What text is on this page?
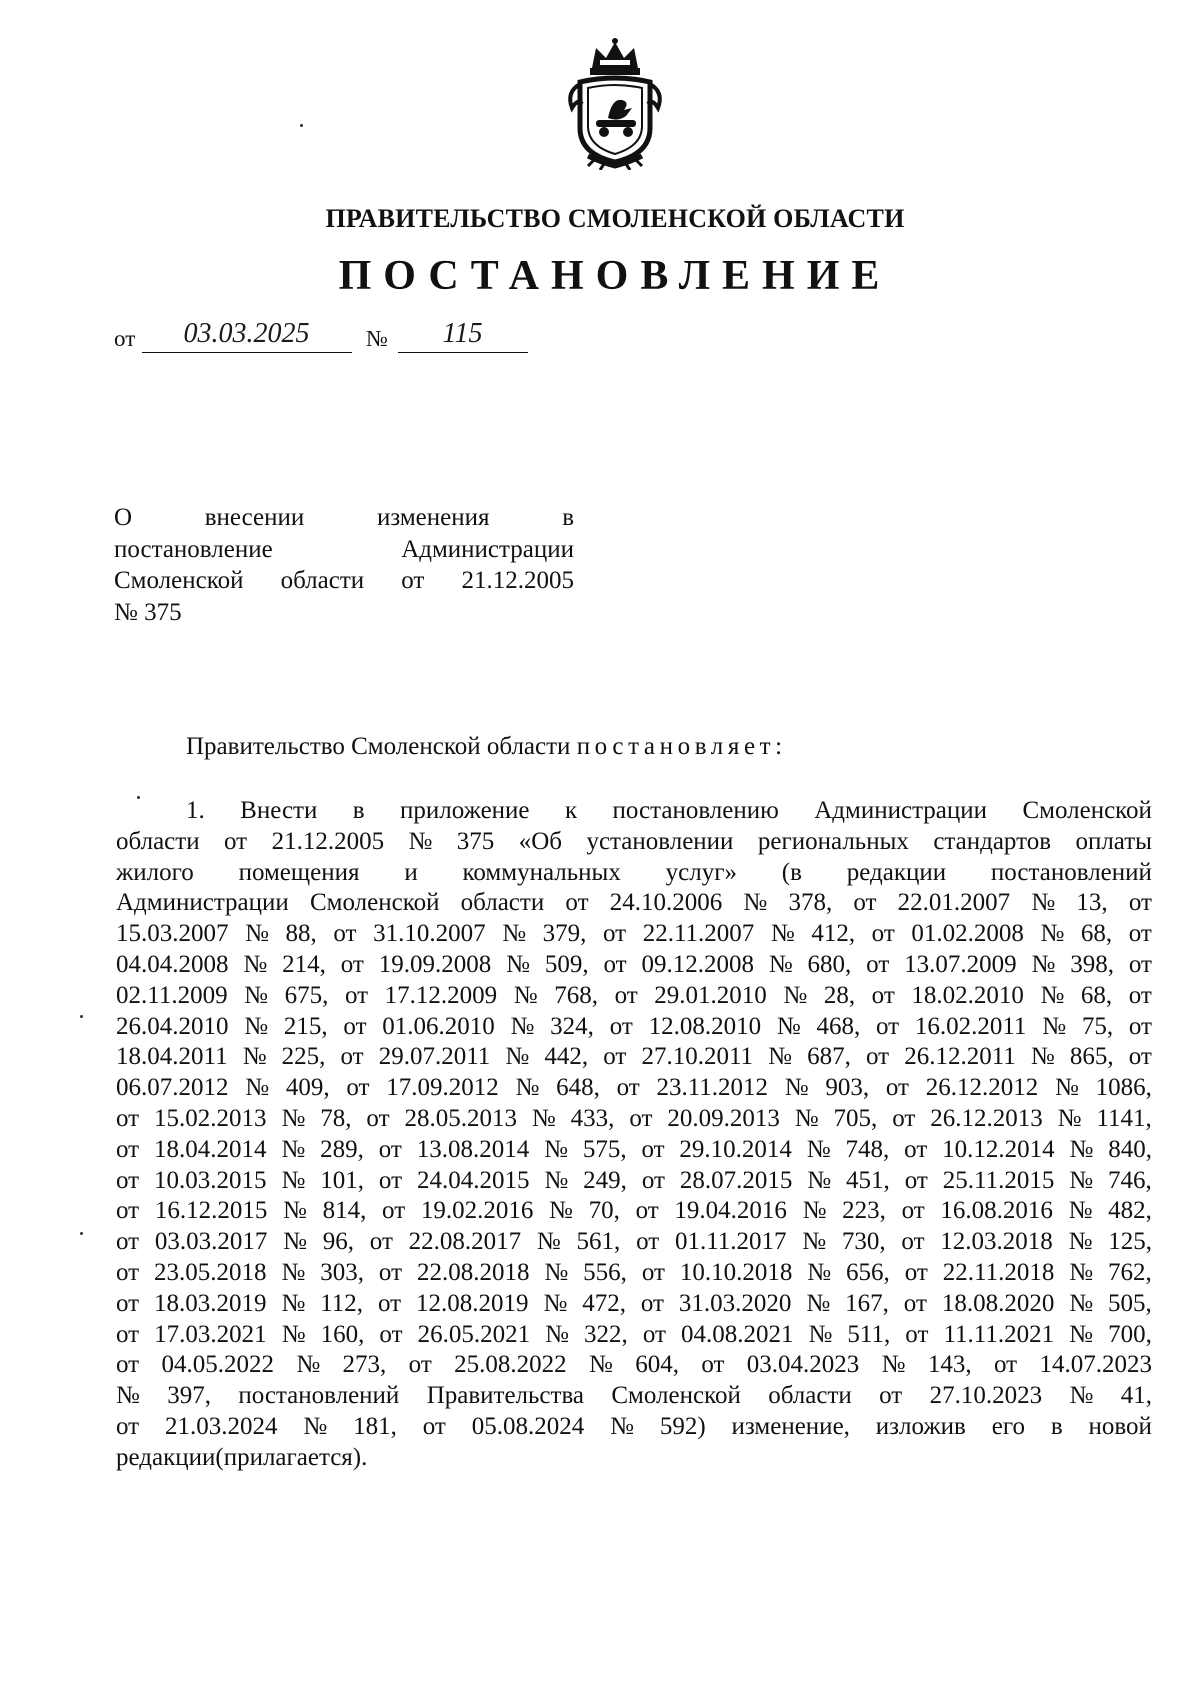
ПРАВИТЕЛЬСТВО СМОЛЕНСКОЙ ОБЛАСТИ
ПОСТАНОВЛЕНИЕ
от	03.03.2025	№	115
О	внесении	изменения	в
постановление	Администрации
Смоленской области от 21.12.2005
№ 375
Правительство Смоленской области постановляет:
1. Внести в приложение к постановлению Администрации Смоленской
области от 21.12.2005 № 375 «Об установлении региональных стандартов оплаты
жилого помещения и коммунальных услуг» (в редакции постановлений
Администрации Смоленской области от 24.10.2006 № 378, от 22.01.2007 № 13, от
15.03.2007 № 88, от 31.10.2007 № 379, от 22.11.2007 № 412, от 01.02.2008 № 68, от
04.04.2008 № 214, от 19.09.2008 № 509, от 09.12.2008 № 680, от 13.07.2009 № 398, от
02.11.2009 № 675, от 17.12.2009 № 768, от 29.01.2010 № 28, от 18.02.2010 № 68, от
26.04.2010 № 215, от 01.06.2010 № 324, от 12.08.2010 № 468, от 16.02.2011 № 75, от
18.04.2011 № 225, от 29.07.2011 № 442, от 27.10.2011 № 687, от 26.12.2011 № 865, от
06.07.2012 № 409, от 17.09.2012 № 648, от 23.11.2012 № 903, от 26.12.2012 № 1086,
от 15.02.2013 № 78, от 28.05.2013 № 433, от 20.09.2013 № 705, от 26.12.2013 № 1141,
от 18.04.2014 № 289, от 13.08.2014 № 575, от 29.10.2014 № 748, от 10.12.2014 № 840,
от 10.03.2015 № 101, от 24.04.2015 № 249, от 28.07.2015 № 451, от 25.11.2015 № 746,
от 16.12.2015 № 814, от 19.02.2016 № 70, от 19.04.2016 № 223, от 16.08.2016 № 482,
от 03.03.2017 № 96, от 22.08.2017 № 561, от 01.11.2017 № 730, от 12.03.2018 № 125,
от 23.05.2018 № 303, от 22.08.2018 № 556, от 10.10.2018 № 656, от 22.11.2018 № 762,
от 18.03.2019 № 112, от 12.08.2019 № 472, от 31.03.2020 № 167, от 18.08.2020 № 505,
от 17.03.2021 № 160, от 26.05.2021 № 322, от 04.08.2021 № 511, от 11.11.2021 № 700,
от 04.05.2022 № 273, от 25.08.2022 № 604, от 03.04.2023 № 143, от 14.07.2023
№ 397, постановлений Правительства Смоленской области от 27.10.2023 № 41,
от 21.03.2024 № 181, от 05.08.2024 № 592) изменение, изложив его в новой
редакции (прилагается).
